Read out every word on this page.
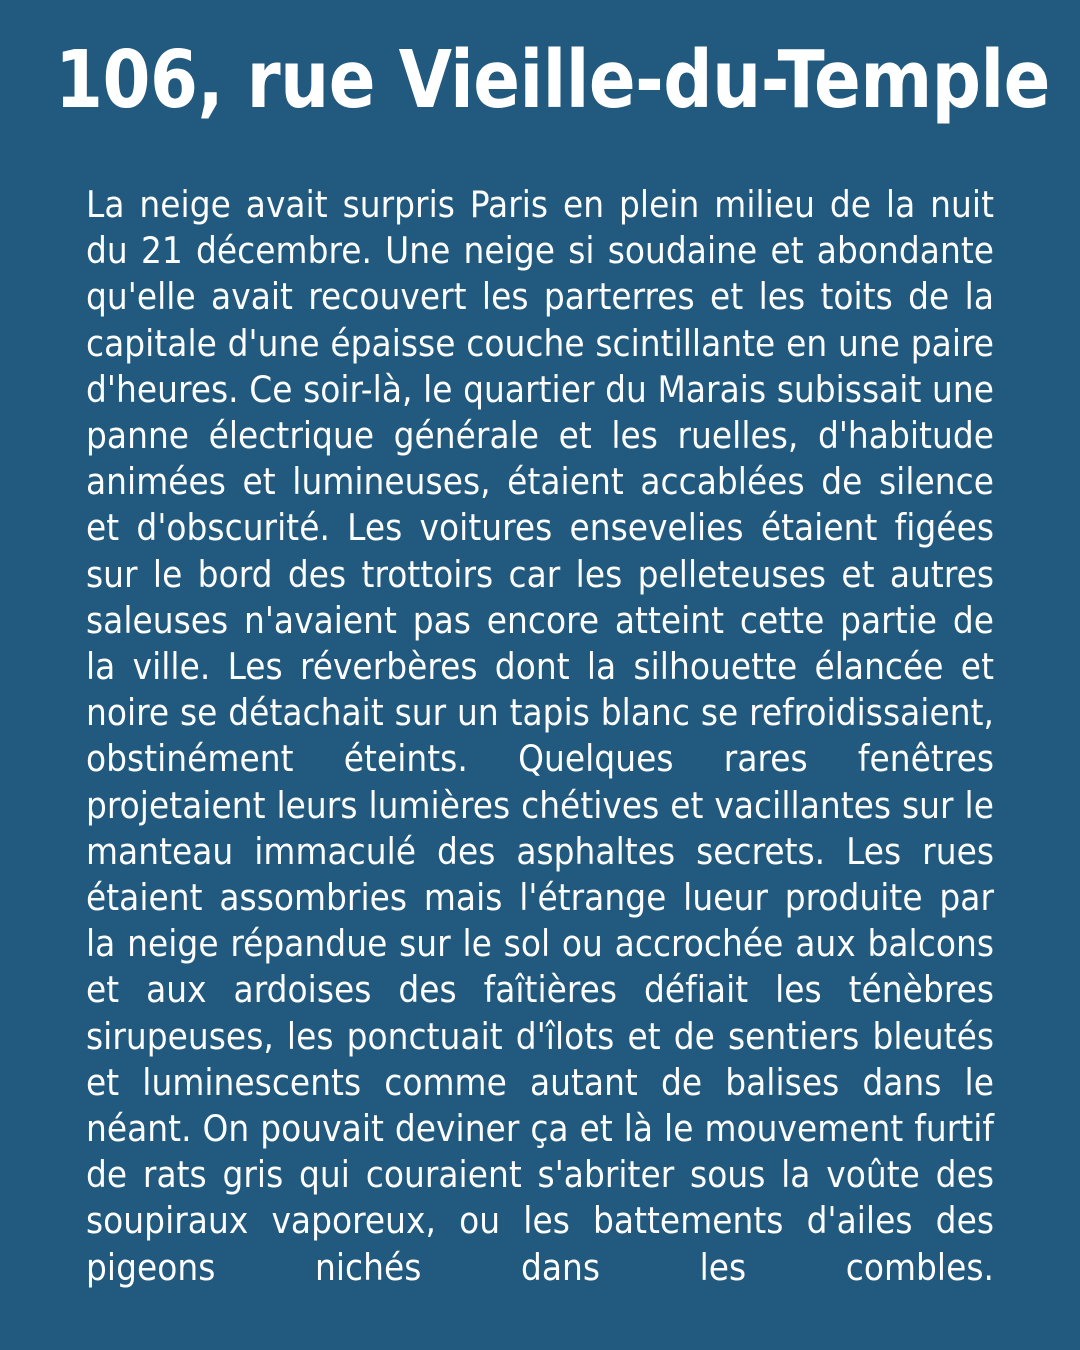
106, rue Vieille-du-Temple

La neige avait surpris Paris en plein milieu de la nuit du 21 décembre. Une neige si soudaine et abondante qu'elle avait recouvert les parterres et les toits de la capitale d'une épaisse couche scintillante en une paire d'heures. Ce soir-là, le quartier du Marais subissait une panne électrique générale et les ruelles, d'habitude animées et lumineuses, étaient accablées de silence et d'obscurité. Les voitures ensevelies étaient figées sur le bord des trottoirs car les pelleteuses et autres saleuses n'avaient pas encore atteint cette partie de la ville. Les réverbères dont la silhouette élancée et noire se détachait sur un tapis blanc se refroidissaient, obstinément éteints. Quelques rares fenêtres projetaient leurs lumières chétives et vacillantes sur le manteau immaculé des asphaltes secrets. Les rues étaient assombries mais l'étrange lueur produite par la neige répandue sur le sol ou accrochée aux balcons et aux ardoises des faîtières défiait les ténèbres sirupeuses, les ponctuait d'îlots et de sentiers bleutés et luminescents comme autant de balises dans le néant. On pouvait deviner ça et là le mouvement furtif de rats gris qui couraient s'abriter sous la voûte des soupiraux vaporeux, ou les battements d'ailes des pigeons nichés dans les combles.
